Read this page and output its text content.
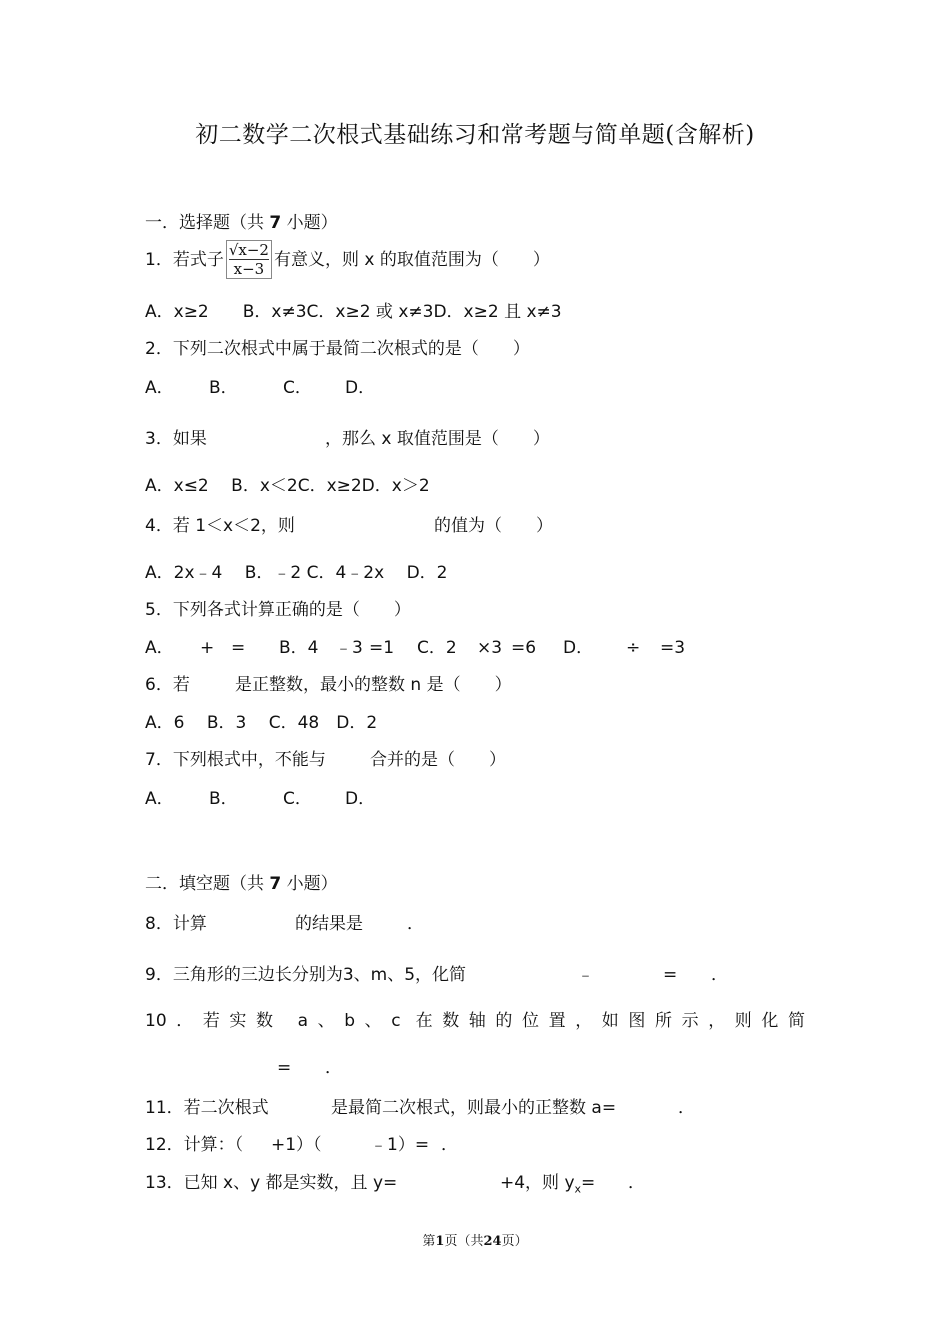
初二数学二次根式基础练习和常考题与简单题(含解析)
一．选择题（共 7 小题）
1．若式子 $\frac{√x-2}{x-3}$ 有意义，则 x 的取值范围为（　　）
A．x≥2　　B．x≠3C．x≥2 或 x≠3D．x≥2 且 x≠3
2．下列二次根式中属于最简二次根式的是（　　）
A． B．	C． D．
3．如果	，那么 x 取值范围是（　　）
A．x≤2　 B．x＜2C．x≥2D．x＞2
4．若 1＜x＜2，则	的值为（　　）
A．2x﹣4　 B．﹣2 C．4﹣2x　 D．2
5．下列各式计算正确的是（　　）
A． + = B．4 ﹣3 =1 C．2 ×3 =6 D． ÷ =3
6．若	是正整数，最小的整数 n 是（　　）
A．6　 B．3　 C．48　D．2
7．下列根式中，不能与	合并的是（　　）
A． B．	C． D．
二．填空题（共 7 小题）
8．计算	的结果是	．
9．三角形的三边长分别为3、m、5，化简	﹣	= ．
10．若实数 a、b、c 在数轴的位置，如图所示，则化简
= ．
11．若二次根式	是最简二次根式，则最小的正整数 a=	．
12．计算：（ +1）（	﹣1）= ．
13．已知 x、y 都是实数，且 y=	+4，则 $y_x=$ ．
第1页（共24页）
